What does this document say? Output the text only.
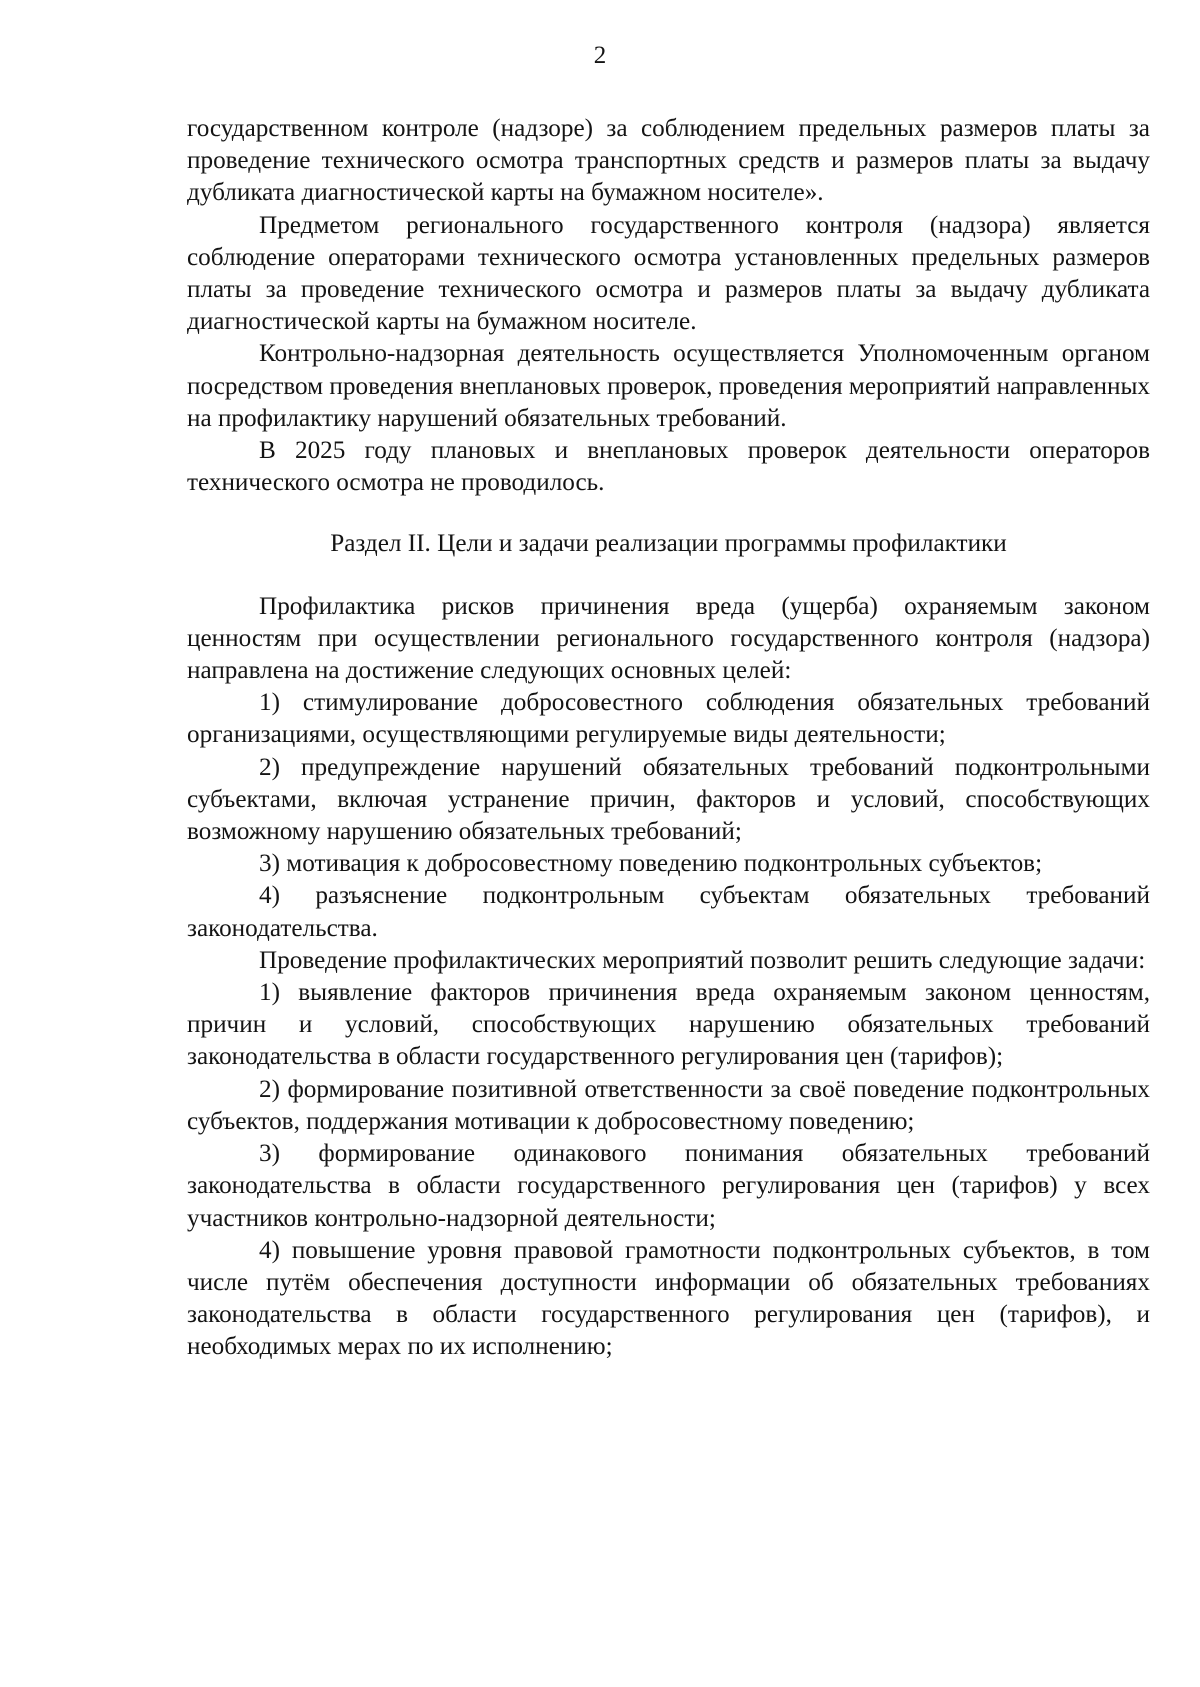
2

государственном контроле (надзоре) за соблюдением предельных размеров платы за проведение технического осмотра транспортных средств и размеров платы за выдачу дубликата диагностической карты на бумажном носителе».

Предметом регионального государственного контроля (надзора) является соблюдение операторами технического осмотра установленных предельных размеров платы за проведение технического осмотра и размеров платы за выдачу дубликата диагностической карты на бумажном носителе.

Контрольно-надзорная деятельность осуществляется Уполномоченным органом посредством проведения внеплановых проверок, проведения мероприятий направленных на профилактику нарушений обязательных требований.

В 2025 году плановых и внеплановых проверок деятельности операторов технического осмотра не проводилось.

Раздел II. Цели и задачи реализации программы профилактики

Профилактика рисков причинения вреда (ущерба) охраняемым законом ценностям при осуществлении регионального государственного контроля (надзора) направлена на достижение следующих основных целей:

1) стимулирование добросовестного соблюдения обязательных требований организациями, осуществляющими регулируемые виды деятельности;

2) предупреждение нарушений обязательных требований подконтрольными субъектами, включая устранение причин, факторов и условий, способствующих возможному нарушению обязательных требований;

3) мотивация к добросовестному поведению подконтрольных субъектов;

4) разъяснение подконтрольным субъектам обязательных требований законодательства.

Проведение профилактических мероприятий позволит решить следующие задачи:

1) выявление факторов причинения вреда охраняемым законом ценностям, причин и условий, способствующих нарушению обязательных требований законодательства в области государственного регулирования цен (тарифов);

2) формирование позитивной ответственности за своё поведение подконтрольных субъектов, поддержания мотивации к добросовестному поведению;

3) формирование одинакового понимания обязательных требований законодательства в области государственного регулирования цен (тарифов) у всех участников контрольно-надзорной деятельности;

4) повышение уровня правовой грамотности подконтрольных субъектов, в том числе путём обеспечения доступности информации об обязательных требованиях законодательства в области государственного регулирования цен (тарифов), и необходимых мерах по их исполнению;
